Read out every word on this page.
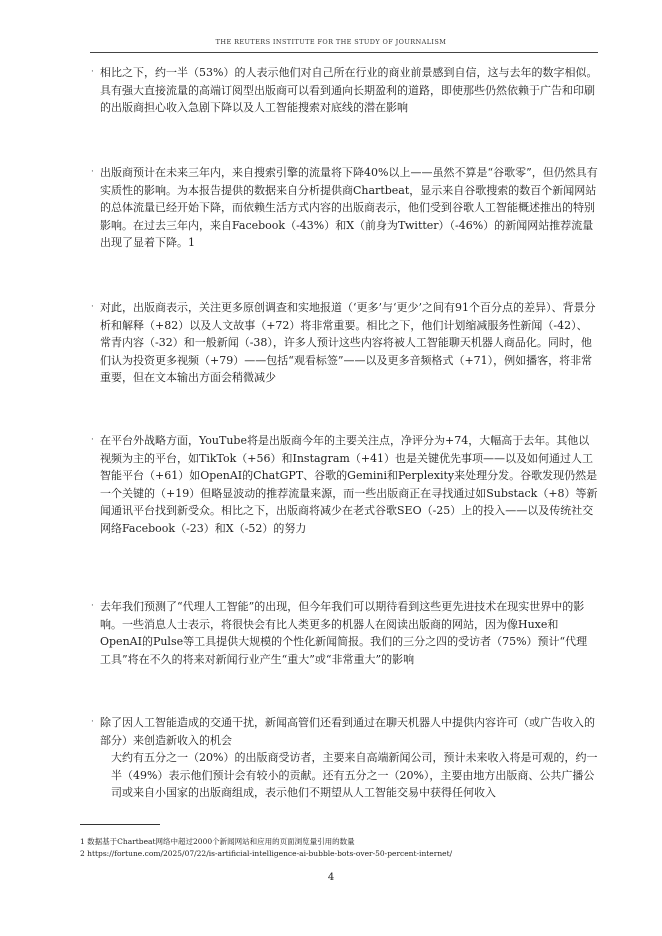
THE REUTERS INSTITUTE FOR THE STUDY OF JOURNALISM
· 相比之下，约一半（53%）的人表示他们对自己所在行业的商业前景感到自信，这与去年的数字相似。具有强大直接流量的高端订阅型出版商可以看到通向长期盈利的道路，即使那些仍然依赖于广告和印刷的出版商担心收入急剧下降以及人工智能搜索对底线的潜在影响

· 出版商预计在未来三年内，来自搜索引擎的流量将下降40%以上——虽然不算是“谷歌零”，但仍然具有实质性的影响。为本报告提供的数据来自分析提供商Chartbeat，显示来自谷歌搜索的数百个新闻网站的总体流量已经开始下降，而依赖生活方式内容的出版商表示，他们受到谷歌人工智能概述推出的特别影响。在过去三年内，来自Facebook（-43%）和X（前身为Twitter）（-46%）的新闻网站推荐流量出现了显着下降。1

· 对此，出版商表示，关注更多原创调查和实地报道（‘更多’与‘更少’之间有91个百分点的差异）、背景分析和解释（+82）以及人文故事（+72）将非常重要。相比之下，他们计划缩减服务性新闻（-42）、常青内容（-32）和一般新闻（-38），许多人预计这些内容将被人工智能聊天机器人商品化。同时，他们认为投资更多视频（+79）——包括“观看标签”——以及更多音频格式（+71），例如播客，将非常重要，但在文本输出方面会稍微减少

· 在平台外战略方面，YouTube将是出版商今年的主要关注点，净评分为+74，大幅高于去年。其他以视频为主的平台，如TikTok（+56）和Instagram（+41）也是关键优先事项——以及如何通过人工智能平台（+61）如OpenAI的ChatGPT、谷歌的Gemini和Perplexity来处理分发。谷歌发现仍然是一个关键的（+19）但略显波动的推荐流量来源，而一些出版商正在寻找通过如Substack（+8）等新闻通讯平台找到新受众。相比之下，出版商将减少在老式谷歌SEO（-25）上的投入——以及传统社交网络Facebook（-23）和X（-52）的努力

· 去年我们预测了“代理人工智能”的出现，但今年我们可以期待看到这些更先进技术在现实世界中的影响。一些消息人士表示，将很快会有比人类更多的机器人在阅读出版商的网站，因为像Huxe和OpenAI的Pulse等工具提供大规模的个性化新闻简报。我们的三分之四的受访者（75%）预计“代理工具”将在不久的将来对新闻行业产生“重大”或“非常重大”的影响

· 除了因人工智能造成的交通干扰，新闻高管们还看到通过在聊天机器人中提供内容许可（或广告收入的部分）来创造新收入的机会

大约有五分之一（20%）的出版商受访者，主要来自高端新闻公司，预计未来收入将是可观的，约一半（49%）表示他们预计会有较小的贡献。还有五分之一（20%），主要由地方出版商、公共广播公司或来自小国家的出版商组成，表示他们不期望从人工智能交易中获得任何收入
1 数据基于Chartbeat网络中超过2000个新闻网站和应用的页面浏览量引用的数量
2 https://fortune.com/2025/07/22/is-artificial-intelligence-ai-bubble-bots-over-50-percent-internet/
4
